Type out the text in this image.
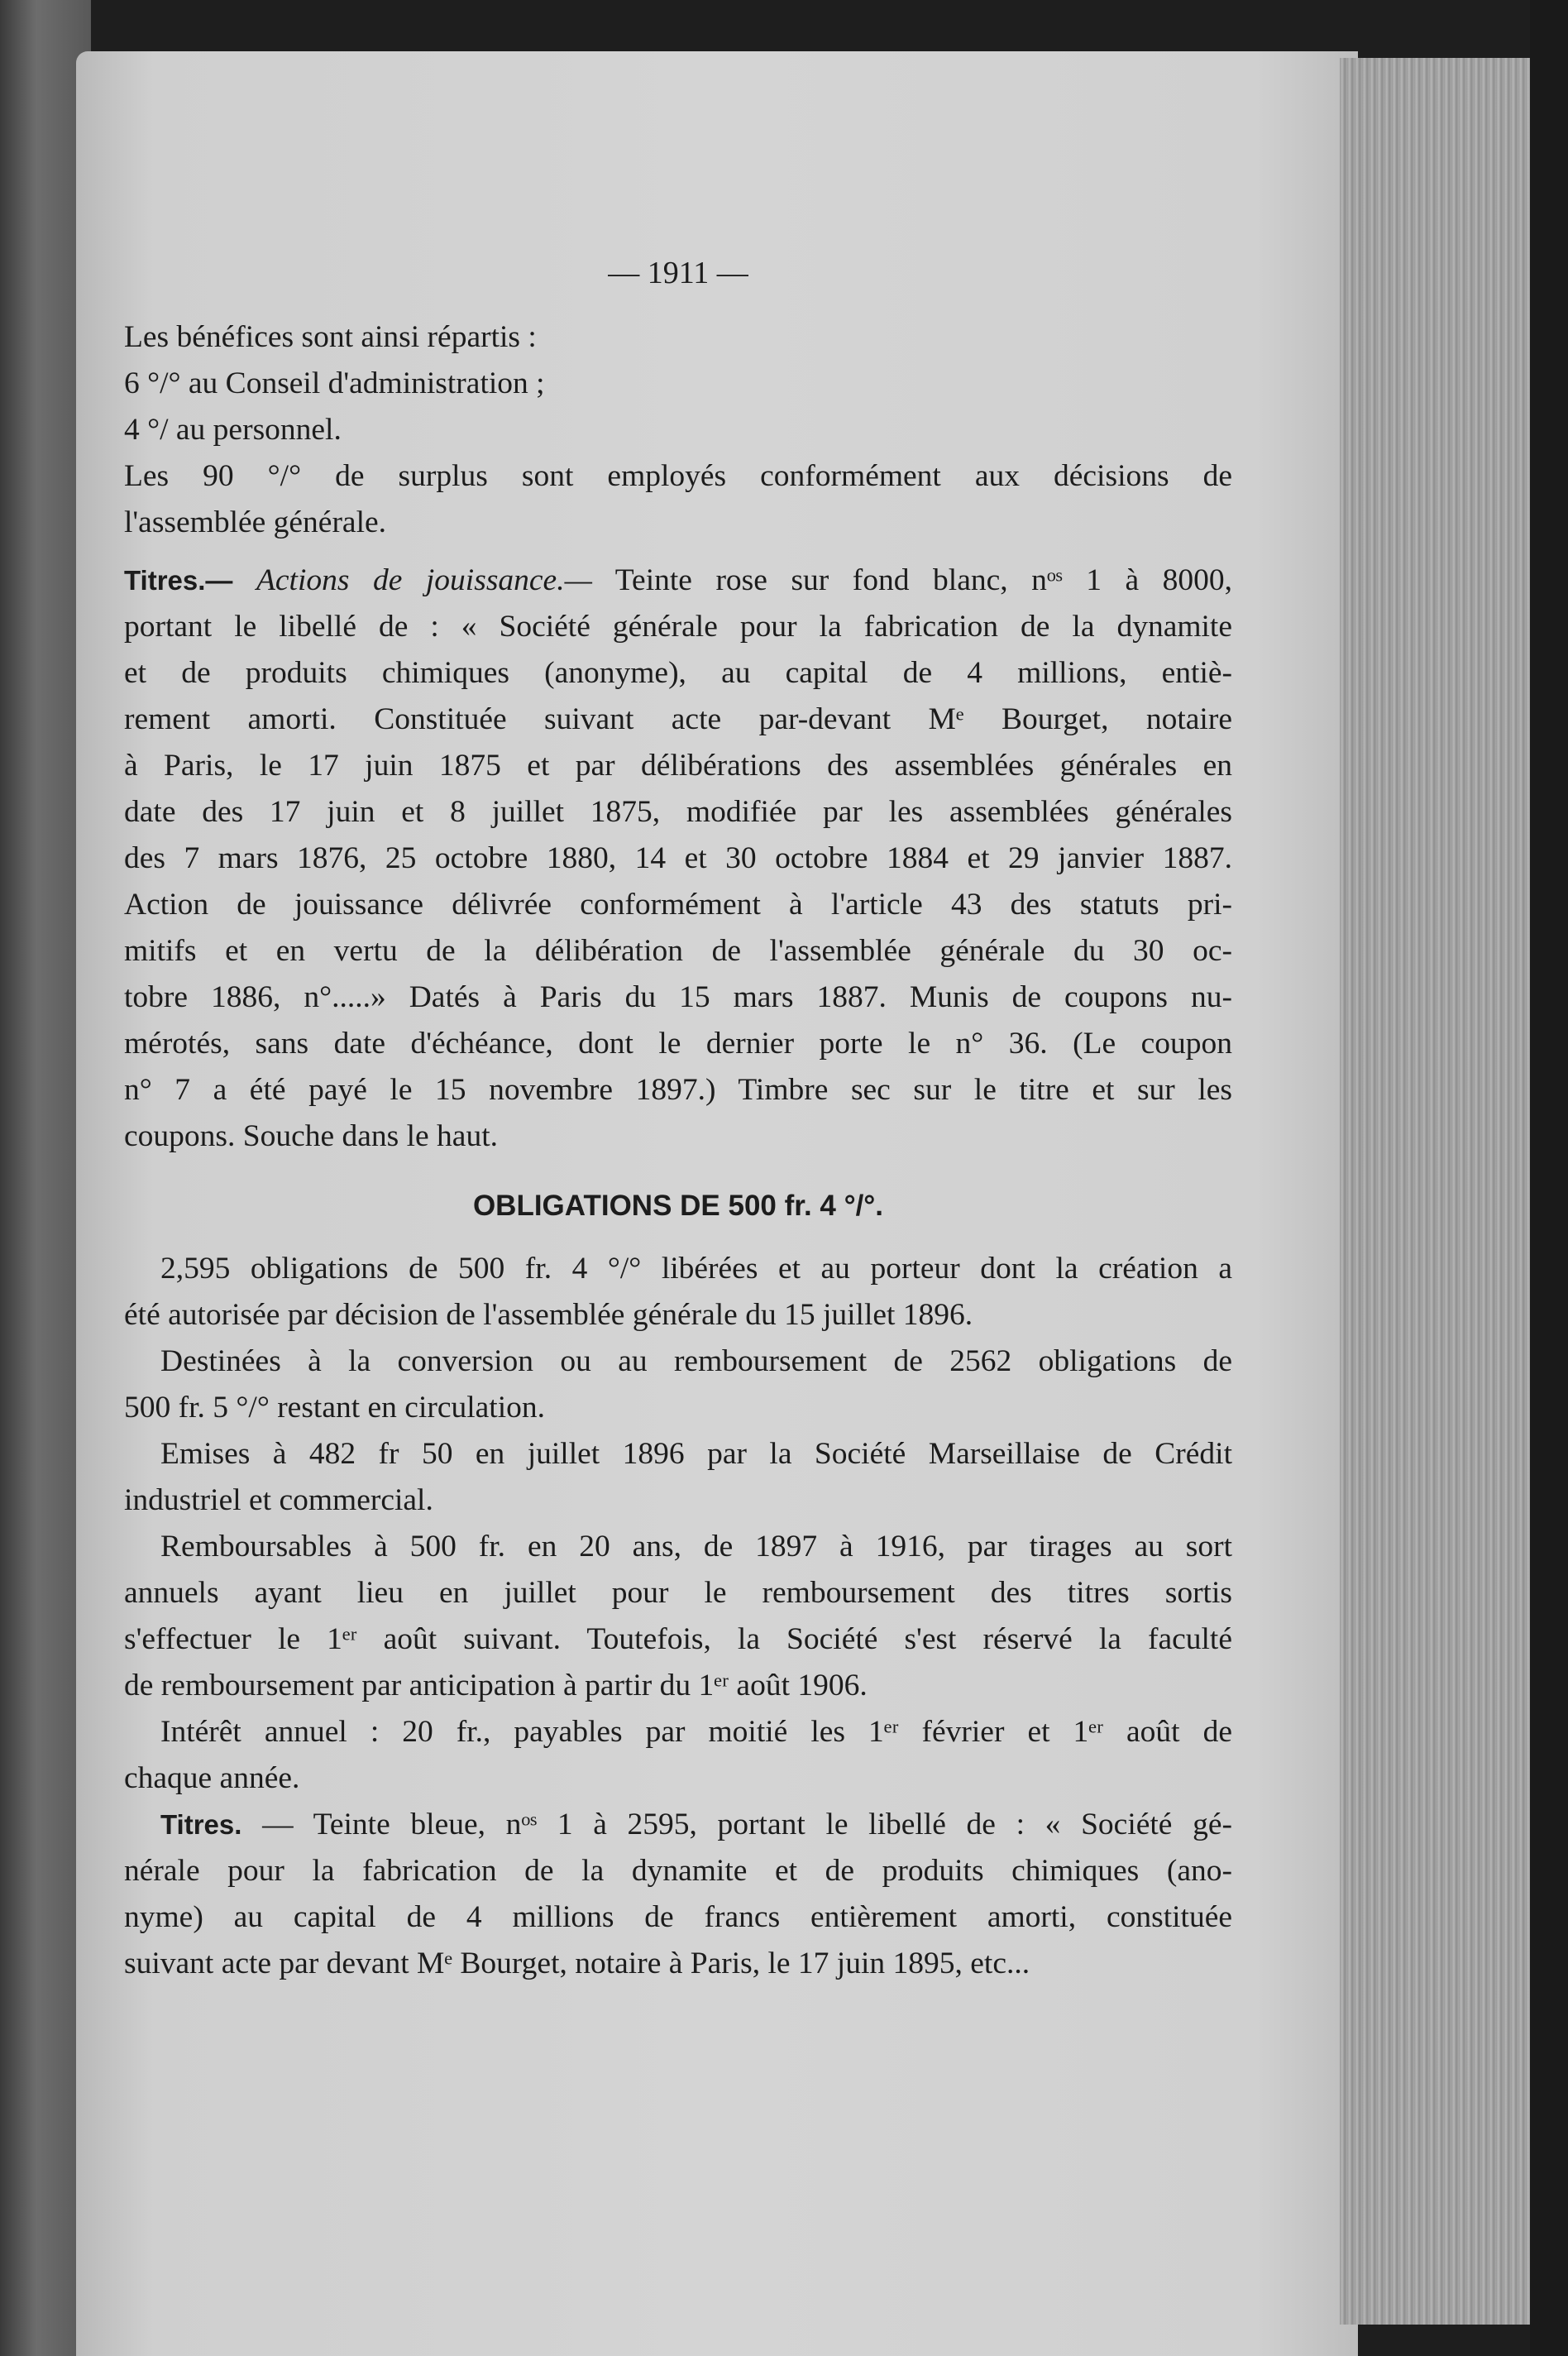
— 1911 —
Les bénéfices sont ainsi répartis :
6 °/° au Conseil d'administration ;
4 °/ au personnel.
Les 90 °/° de surplus sont employés conformément aux décisions de
l'assemblée générale.
Titres.— Actions de jouissance.— Teinte rose sur fond blanc, nᵒˢ 1 à 8000,
portant le libellé de : « Société générale pour la fabrication de la dynamite
et de produits chimiques (anonyme), au capital de 4 millions, entiè-
rement amorti. Constituée suivant acte par-devant Mᵉ Bourget, notaire
à Paris, le 17 juin 1875 et par délibérations des assemblées générales en
date des 17 juin et 8 juillet 1875, modifiée par les assemblées générales
des 7 mars 1876, 25 octobre 1880, 14 et 30 octobre 1884 et 29 janvier 1887.
Action de jouissance délivrée conformément à l'article 43 des statuts pri-
mitifs et en vertu de la délibération de l'assemblée générale du 30 oc-
tobre 1886, n°.....» Datés à Paris du 15 mars 1887. Munis de coupons nu-
mérotés, sans date d'échéance, dont le dernier porte le n° 36. (Le coupon
n° 7 a été payé le 15 novembre 1897.) Timbre sec sur le titre et sur les
coupons. Souche dans le haut.
OBLIGATIONS DE 500 fr. 4 °/°.
2,595 obligations de 500 fr. 4 °/° libérées et au porteur dont la création a
été autorisée par décision de l'assemblée générale du 15 juillet 1896.
Destinées à la conversion ou au remboursement de 2562 obligations de
500 fr. 5 °/° restant en circulation.
Emises à 482 fr 50 en juillet 1896 par la Société Marseillaise de Crédit
industriel et commercial.
Remboursables à 500 fr. en 20 ans, de 1897 à 1916, par tirages au sort
annuels ayant lieu en juillet pour le remboursement des titres sortis
s'effectuer le 1ᵉʳ août suivant. Toutefois, la Société s'est réservé la faculté
de remboursement par anticipation à partir du 1ᵉʳ août 1906.
Intérêt annuel : 20 fr., payables par moitié les 1ᵉʳ février et 1ᵉʳ août de
chaque année.
Titres. — Teinte bleue, nᵒˢ 1 à 2595, portant le libellé de : « Société gé-
nérale pour la fabrication de la dynamite et de produits chimiques (ano-
nyme) au capital de 4 millions de francs entièrement amorti, constituée
suivant acte par devant Mᵉ Bourget, notaire à Paris, le 17 juin 1895, etc...
